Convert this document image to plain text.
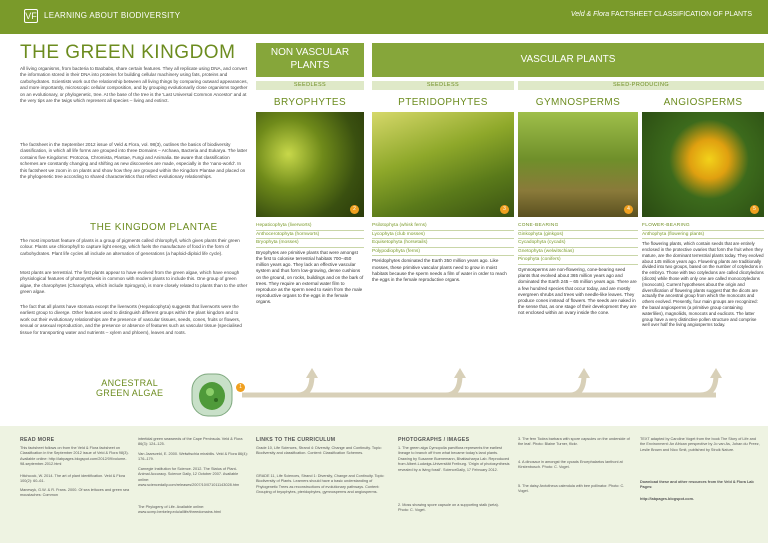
VF LEARNING ABOUT BIODIVERSITY	Veld & Flora FACTSHEET CLASSIFICATION OF PLANTS
THE GREEN KINGDOM
All living organisms, from bacteria to Baobabs, share certain features. They all replicate using DNA, and convert the information stored in their DNA into proteins for building cellular machinery using fats, proteins and carbohydrates. Scientists work out the relationship between all living things by comparing outward appearances, and more importantly, microscopic cellular composition, and by grouping evolutionarily close organisms together on an evolutionary, or phylogenetic, tree. At the base of the tree is the 'Last Universal Common Ancestor' and at the very tips are the twigs which represent all species – living and extinct.
The factsheet in the September 2012 issue of Veld & Flora, vol. 98(3), outlines the basics of biodiversity classification, in which all life forms are grouped into three Domains – Archaea, Bacteria and Eukarya. The latter contains five Kingdoms: Protozoa, Chromista, Plantae, Fungi and Animalia. Be aware that classification schemes are constantly changing and shifting as new discoveries are made, especially in the 'nano-world'. In this factsheet we zoom in on plants and show how they are grouped within the Kingdom Plantae and placed on the phylogenetic tree according to shared characteristics that reflect evolutionary relationships.
THE KINGDOM PLANTAE
The most important feature of plants is a group of pigments called chlorophyll, which gives plants their green colour. Plants use chlorophyll to capture light energy, which fuels the manufacture of food in the form of carbohydrates. Plant life cycles all include an alternation of generations (a haploid-diploid life cycle).
Most plants are terrestrial. The first plants appear to have evolved from the green algae, which have enough physiological features of photosynthesis in common with modern plants to include this. One group of green algae, the charophytes (Charophyta, which include Spirogyra), is more closely related to plants than to the other green algae.
The fact that all plants have stomata except the liverworts (Hepaticophyta) suggests that liverworts were the earliest group to diverge. Other features used to distinguish different groups within the plant kingdom and to work out their evolutionary relationships are the presence of vascular tissues, seeds, cones, fruits or flowers, sexual or asexual reproduction, and the presence or absence of features such as vascular tissue (specialised tissue for transporting water and nutrients – xylem and phloem), leaves and roots.
ANCESTRAL
GREEN ALGAE
1
NON VASCULAR PLANTS
SEEDLESS
BRYOPHYTES
2
Hepaticophyta (liverworts)
Anthocerotophyta (hornworts)
Bryophyta (mosses)
Bryophytes are primitive plants that were amongst the first to colonise terrestrial habitats 700–450 million years ago. They lack an effective vascular system and thus form low-growing, dense cushions on the ground, on rocks, buildings and on the bark of trees. They require an external water film to reproduce as the sperm need to swim from the male reproductive organs to the eggs in the female organs.
VASCULAR PLANTS
SEEDLESS	SEED-PRODUCING
PTERIDOPHYTES
3
Psilotophyta (whisk ferns)
Lycophyta (club mosses)
Equisetophyta (horsetails)
Polypodiophyta (ferns)
Pteridophytes dominated the Earth 350 million years ago. Like mosses, these primitive vascular plants need to grow in moist habitats because the sperm needs a film of water in order to reach the eggs in the female reproductive organs.
GYMNOSPERMS
4
CONE-BEARING
Ginkophyta (ginkgos)
Cycadophyta (cycads)
Gnetophyta (welwitschias)
Pinophyta (conifers)
Gymnosperms are non-flowering, cone-bearing seed plants that evolved about 365 million years ago and dominated the Earth 245 – 65 million years ago. There are a few hundred species that occur today, and are mostly evergreen shrubs and trees with needle-like leaves. They produce cones instead of flowers. The seeds are naked in the sense that, as one stage of their development they are not enclosed within an ovary inside the cone.
ANGIOSPERMS
5
FLOWER-BEARING
Anthophyta (flowering plants)
The flowering plants, which contain seeds that are entirely enclosed in the protective ovaries that form the fruit when they mature, are the dominant terrestrial plants today. They evolved about 145 million years ago. Flowering plants are traditionally divided into two groups, based on the number of cotyledons in the embryo. Those with two cotyledons are called dicotyledons (dicots) while those with only one are called monocotyledons (monocots). Current hypotheses about the origin and diversification of flowering plants suggest that the dicots are actually the ancestral group from which the monocots and others evolved. Presently, four main groups are recognized: the basal angiosperms (a primitive group containing waterlilies), magnoliids, monocots and eudicots. The latter group have a very distinctive pollen structure and comprise well over half the living angiosperms today.
READ MORE
This factsheet follows on from the Veld & Flora factsheet on Classification in the September 2012 issue of Veld & Flora 98(3). Available online: http://labpages.blogspot.com/2012/09/volume-98-september-2012.html
Hitchcock, W. 2014. The art of plant identification. Veld & Flora 100(2): 60–61.
Manewyk, G.W. & R. Frans. 2000. Of sea lettuces and green sea moustaches: Common
intertidal green seaweeds of the Cape Peninsula. Veld & Flora 86(3): 124–125.
Van Jaarsveld, E. 2000. Welwitschia mirabilis. Veld & Flora 86(4): 176–179.
Carnegie Institution for Science. 2012. The Status of Plant-Animal Accuracy. Science Daily, 12 October 2007. Available online: www.sciencedaily.com/releases/2007/10/071011143028.htm
The Phylogeny of Life. Available online: www.ucmp.berkeley.edu/alllife/threedomains.html
LINKS TO THE CURRICULUM
Grade 10, Life Sciences, Strand 4: Diversity, Change and Continuity. Topic: Biodiversity and classification. Content: Classification Schemes.
GRADE 11, Life Sciences, Strand 1: Diversity, Change and Continuity. Topic: Biodiversity of Plants. Learners should have a basic understanding of Phylogenetic Trees as reconstructions of evolutionary pathways. Content: Grouping of bryophytes, pteridophytes, gymnosperms and angiosperms.
PHOTOGRAPHS / IMAGES
1. The green alga Cymopolia parviflora represents the earliest lineage to branch off from what became today's land plants. Drawing by Susanne Buenemann, Bhattacharya Lab. Reproduced from Albert-Ludwigs-Universität Freiburg. 'Origin of photosynthesis revealed by a living fossil'. ScienceDaily, 17 February 2012.
2. Moss showing spore capsule on a supporting stalk (seta). Photo: C. Voget.
3. The fern Todea barbara with spore capsules on the underside of the leaf. Photo: Blaine Turner, flickr.
4. A dinosaur in amongst the cycads Encephalartos lanthoni at Kirstenbosch. Photo: C. Voget.
5. The daisy Arctotheca calendula with bee pollinator. Photo: C. Voget.
TEXT adapted by Caroline Voget from the book The Story of Life and the Environment: An African perspective by Jo van As, Johan du Preez, Leslie Brown and Nico Smit, published by Struik Nature.
Download these and other resources from the Veld & Flora Lab Pages:
http://labpages.blogspot.com.
